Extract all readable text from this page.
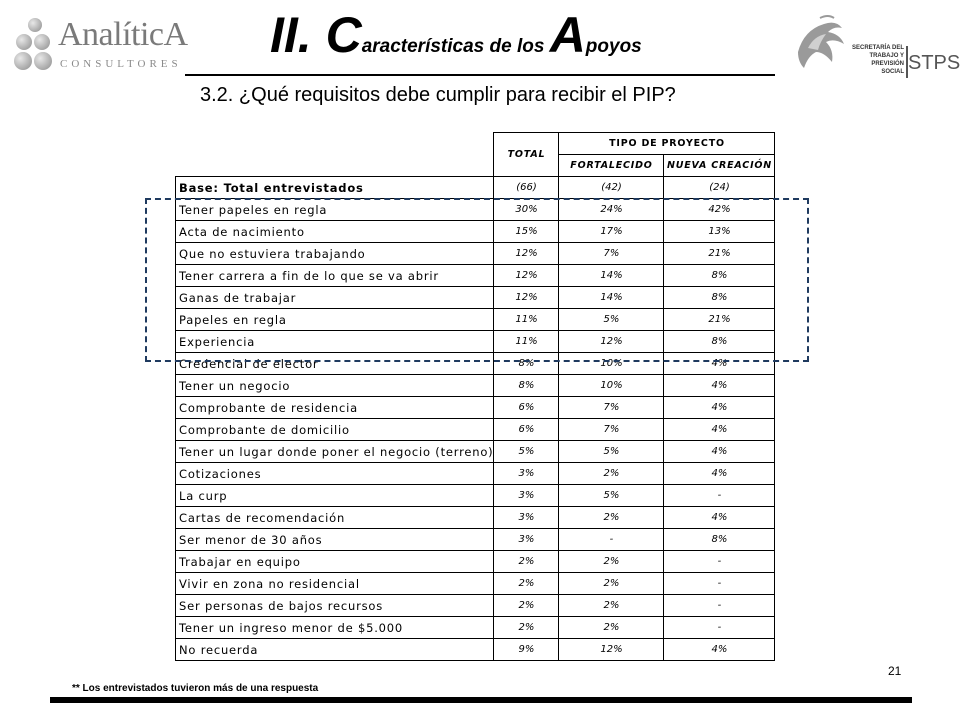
AnalíticA
CONSULTORES
II. Características de los Apoyos
3.2. ¿Qué requisitos debe cumplir para recibir el PIP?
SECRETARÍA DEL
TRABAJO Y
PREVISIÓN SOCIAL STPS
	TOTAL	TIPO DE PROYECTO	
		FORTALECIDO	NUEVA CREACIÓN
Base: Total entrevistados	(66)	(42)	(24)
Tener papeles en regla	30%	24%	42%
Acta de nacimiento	15%	17%	13%
Que no estuviera trabajando	12%	7%	21%
Tener carrera a fin de lo que se va abrir	12%	14%	8%
Ganas de trabajar	12%	14%	8%
Papeles en regla	11%	5%	21%
Experiencia	11%	12%	8%
Credencial de elector	8%	10%	4%
Tener un negocio	8%	10%	4%
Comprobante de residencia	6%	7%	4%
Comprobante de domicilio	6%	7%	4%
Tener un lugar donde poner el negocio (terreno)	5%	5%	4%
Cotizaciones	3%	2%	4%
La curp	3%	5%	-
Cartas de recomendación	3%	2%	4%
Ser menor de 30 años	3%	-	8%
Trabajar en equipo	2%	2%	-
Vivir en zona no residencial	2%	2%	-
Ser personas de bajos recursos	2%	2%	-
Tener un ingreso menor de $5.000	2%	2%	-
No recuerda	9%	12%	4%
21
** Los entrevistados tuvieron más de una respuesta
